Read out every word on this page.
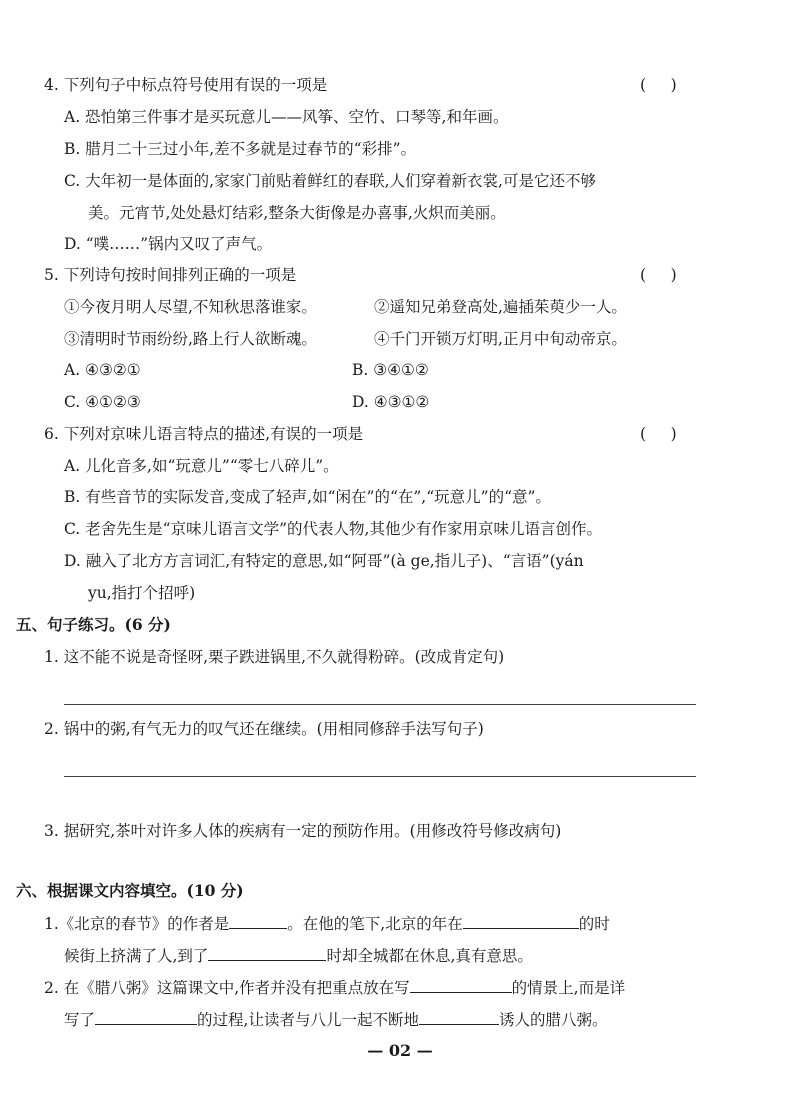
4. 下列句子中标点符号使用有误的一项是	(     )
A. 恐怕第三件事才是买玩意儿——风筝、空竹、口琴等,和年画。
B. 腊月二十三过小年,差不多就是过春节的“彩排”。
C. 大年初一是体面的,家家门前贴着鲜红的春联,人们穿着新衣裳,可是它还不够
美。元宵节,处处悬灯结彩,整条大街像是办喜事,火炽而美丽。
D. “噗……”锅内又叹了声气。
5. 下列诗句按时间排列正确的一项是	(     )
①今夜月明人尽望,不知秋思落谁家。	②遥知兄弟登高处,遍插茱萸少一人。
③清明时节雨纷纷,路上行人欲断魂。	④千门开锁万灯明,正月中旬动帝京。
A. ④③②①	B. ③④①②
C. ④①②③	D. ④③①②
6. 下列对京味儿语言特点的描述,有误的一项是	(     )
A. 儿化音多,如“玩意儿”“零七八碎儿”。
B. 有些音节的实际发音,变成了轻声,如“闲在”的“在”,“玩意儿”的“意”。
C. 老舍先生是“京味儿语言文学”的代表人物,其他少有作家用京味儿语言创作。
D. 融入了北方方言词汇,有特定的意思,如“阿哥”(à ge,指儿子)、“言语”(yán
yu,指打个招呼)
五、句子练习。(6 分)
1. 这不能不说是奇怪呀,栗子跌进锅里,不久就得粉碎。(改成肯定句)
2. 锅中的粥,有气无力的叹气还在继续。(用相同修辞手法写句子)
3. 据研究,茶叶对许多人体的疾病有一定的预防作用。(用修改符号修改病句)
六、根据课文内容填空。(10 分)
1.《北京的春节》的作者是	。在他的笔下,北京的年在	的时
候街上挤满了人,到了	时却全城都在休息,真有意思。
2. 在《腊八粥》这篇课文中,作者并没有把重点放在写	的情景上,而是详
写了	的过程,让读者与八儿一起不断地	诱人的腊八粥。
— 02 —
